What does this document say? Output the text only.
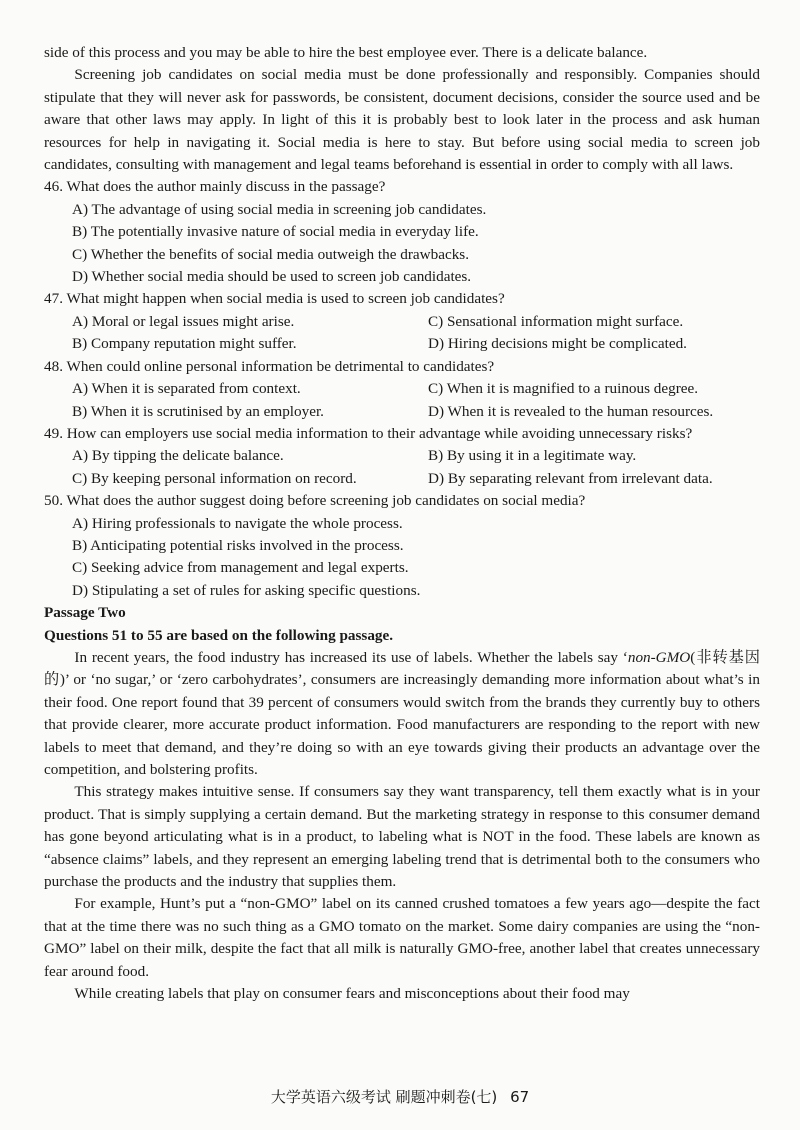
side of this process and you may be able to hire the best employee ever. There is a delicate balance.

Screening job candidates on social media must be done professionally and responsibly. Companies should stipulate that they will never ask for passwords, be consistent, document decisions, consider the source used and be aware that other laws may apply. In light of this it is probably best to look later in the process and ask human resources for help in navigating it. Social media is here to stay. But before using social media to screen job candidates, consulting with management and legal teams beforehand is essential in order to comply with all laws.

46. What does the author mainly discuss in the passage?

A) The advantage of using social media in screening job candidates.

B) The potentially invasive nature of social media in everyday life.

C) Whether the benefits of social media outweigh the drawbacks.

D) Whether social media should be used to screen job candidates.

47. What might happen when social media is used to screen job candidates?

A) Moral or legal issues might arise.	C) Sensational information might surface.
B) Company reputation might suffer.	D) Hiring decisions might be complicated.

48. When could online personal information be detrimental to candidates?

A) When it is separated from context.	C) When it is magnified to a ruinous degree.
B) When it is scrutinised by an employer.	D) When it is revealed to the human resources.

49. How can employers use social media information to their advantage while avoiding unnecessary risks?

A) By tipping the delicate balance.	B) By using it in a legitimate way.
C) By keeping personal information on record.	D) By separating relevant from irrelevant data.

50. What does the author suggest doing before screening job candidates on social media?

A) Hiring professionals to navigate the whole process.

B) Anticipating potential risks involved in the process.

C) Seeking advice from management and legal experts.

D) Stipulating a set of rules for asking specific questions.

Passage Two

Questions 51 to 55 are based on the following passage.

In recent years, the food industry has increased its use of labels. Whether the labels say ‘non-GMO(非转基因的)’ or ‘no sugar,’ or ‘zero carbohydrates’, consumers are increasingly demanding more information about what’s in their food. One report found that 39 percent of consumers would switch from the brands they currently buy to others that provide clearer, more accurate product information. Food manufacturers are responding to the report with new labels to meet that demand, and they’re doing so with an eye towards giving their products an advantage over the competition, and bolstering profits.

This strategy makes intuitive sense. If consumers say they want transparency, tell them exactly what is in your product. That is simply supplying a certain demand. But the marketing strategy in response to this consumer demand has gone beyond articulating what is in a product, to labeling what is NOT in the food. These labels are known as “absence claims” labels, and they represent an emerging labeling trend that is detrimental both to the consumers who purchase the products and the industry that supplies them.

For example, Hunt’s put a “non-GMO” label on its canned crushed tomatoes a few years ago—despite the fact that at the time there was no such thing as a GMO tomato on the market. Some dairy companies are using the “non-GMO” label on their milk, despite the fact that all milk is naturally GMO-free, another label that creates unnecessary fear around food.

While creating labels that play on consumer fears and misconceptions about their food may

大学英语六级考试 刷题冲刺卷(七) 67
